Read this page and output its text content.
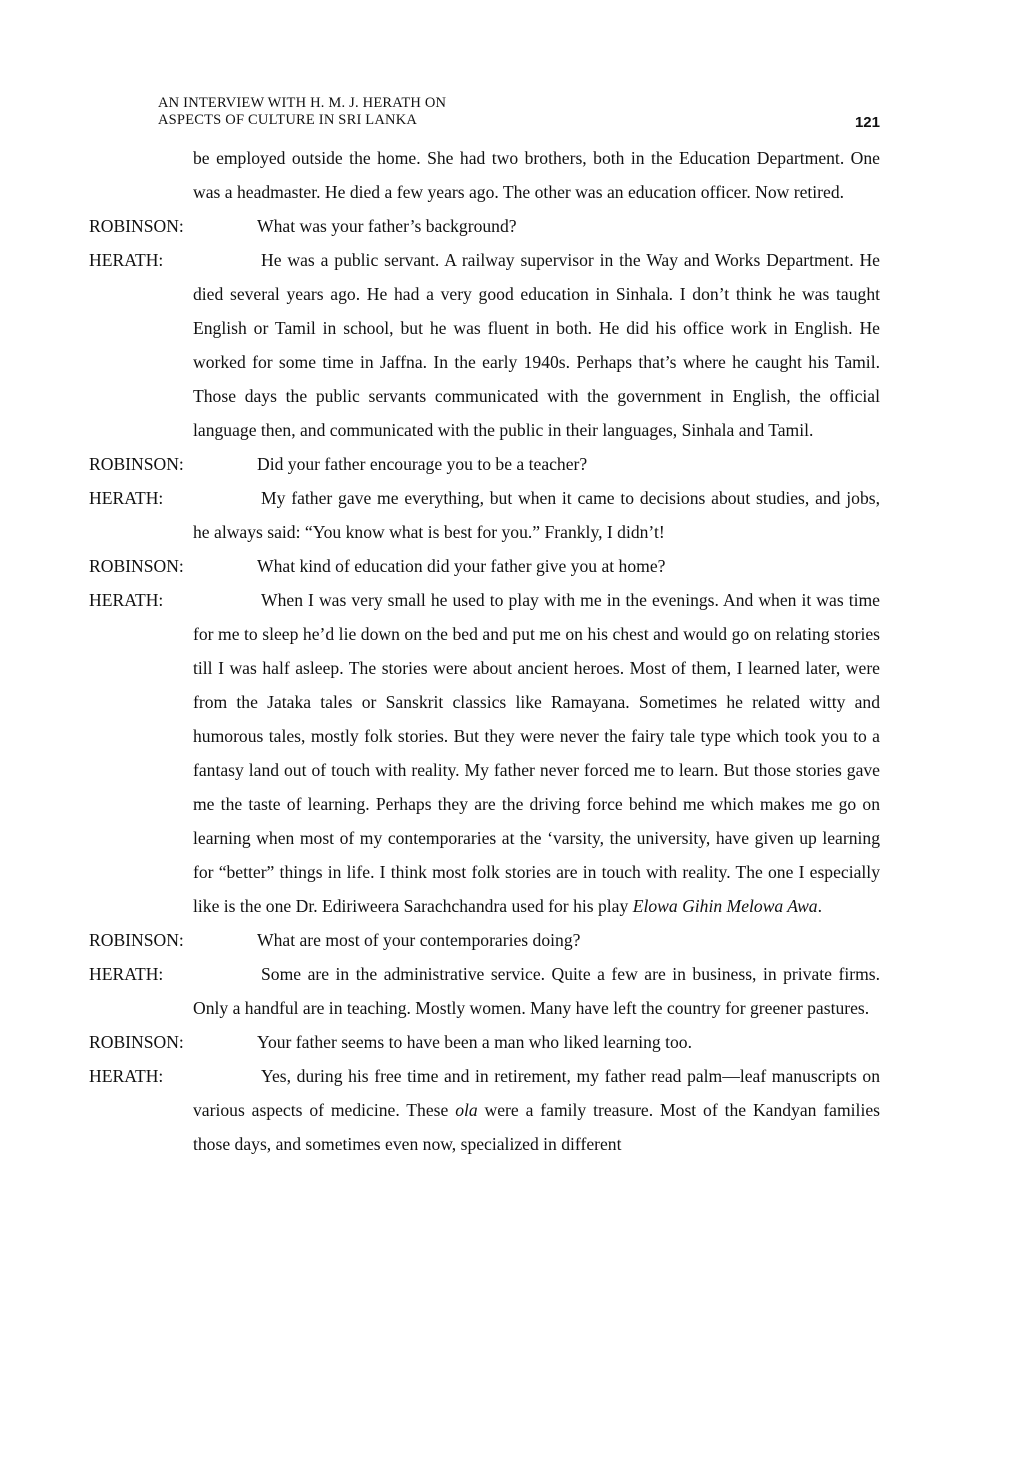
AN INTERVIEW WITH H. M. J. HERATH ON
ASPECTS OF CULTURE IN SRI LANKA	121

be employed outside the home. She had two brothers, both in the Education Department. One was a headmaster. He died a few years ago. The other was an education officer. Now retired.

ROBINSON:	What was your father’s background?

HERATH:	He was a public servant. A railway supervisor in the Way and Works Department. He died several years ago. He had a very good education in Sinhala. I don’t think he was taught English or Tamil in school, but he was fluent in both. He did his office work in English. He worked for some time in Jaffna. In the early 1940s. Perhaps that’s where he caught his Tamil. Those days the public servants communicated with the government in English, the official language then, and communicated with the public in their languages, Sinhala and Tamil.

ROBINSON:	Did your father encourage you to be a teacher?

HERATH:	My father gave me everything, but when it came to decisions about studies, and jobs, he always said: “You know what is best for you.” Frankly, I didn’t!

ROBINSON:	What kind of education did your father give you at home?

HERATH:	When I was very small he used to play with me in the evenings. And when it was time for me to sleep he’d lie down on the bed and put me on his chest and would go on relating stories till I was half asleep. The stories were about ancient heroes. Most of them, I learned later, were from the Jataka tales or Sanskrit classics like Ramayana. Sometimes he related witty and humorous tales, mostly folk stories. But they were never the fairy tale type which took you to a fantasy land out of touch with reality. My father never forced me to learn. But those stories gave me the taste of learning. Perhaps they are the driving force behind me which makes me go on learning when most of my contemporaries at the ‘varsity, the university, have given up learning for “better” things in life. I think most folk stories are in touch with reality. The one I especially like is the one Dr. Ediriweera Sarachchandra used for his play Elowa Gihin Melowa Awa.

ROBINSON:	What are most of your contemporaries doing?

HERATH:	Some are in the administrative service. Quite a few are in business, in private firms. Only a handful are in teaching. Mostly women. Many have left the country for greener pastures.

ROBINSON:	Your father seems to have been a man who liked learning too.

HERATH:	Yes, during his free time and in retirement, my father read palm—leaf manuscripts on various aspects of medicine. These ola were a family treasure. Most of the Kandyan families those days, and sometimes even now, specialized in different
